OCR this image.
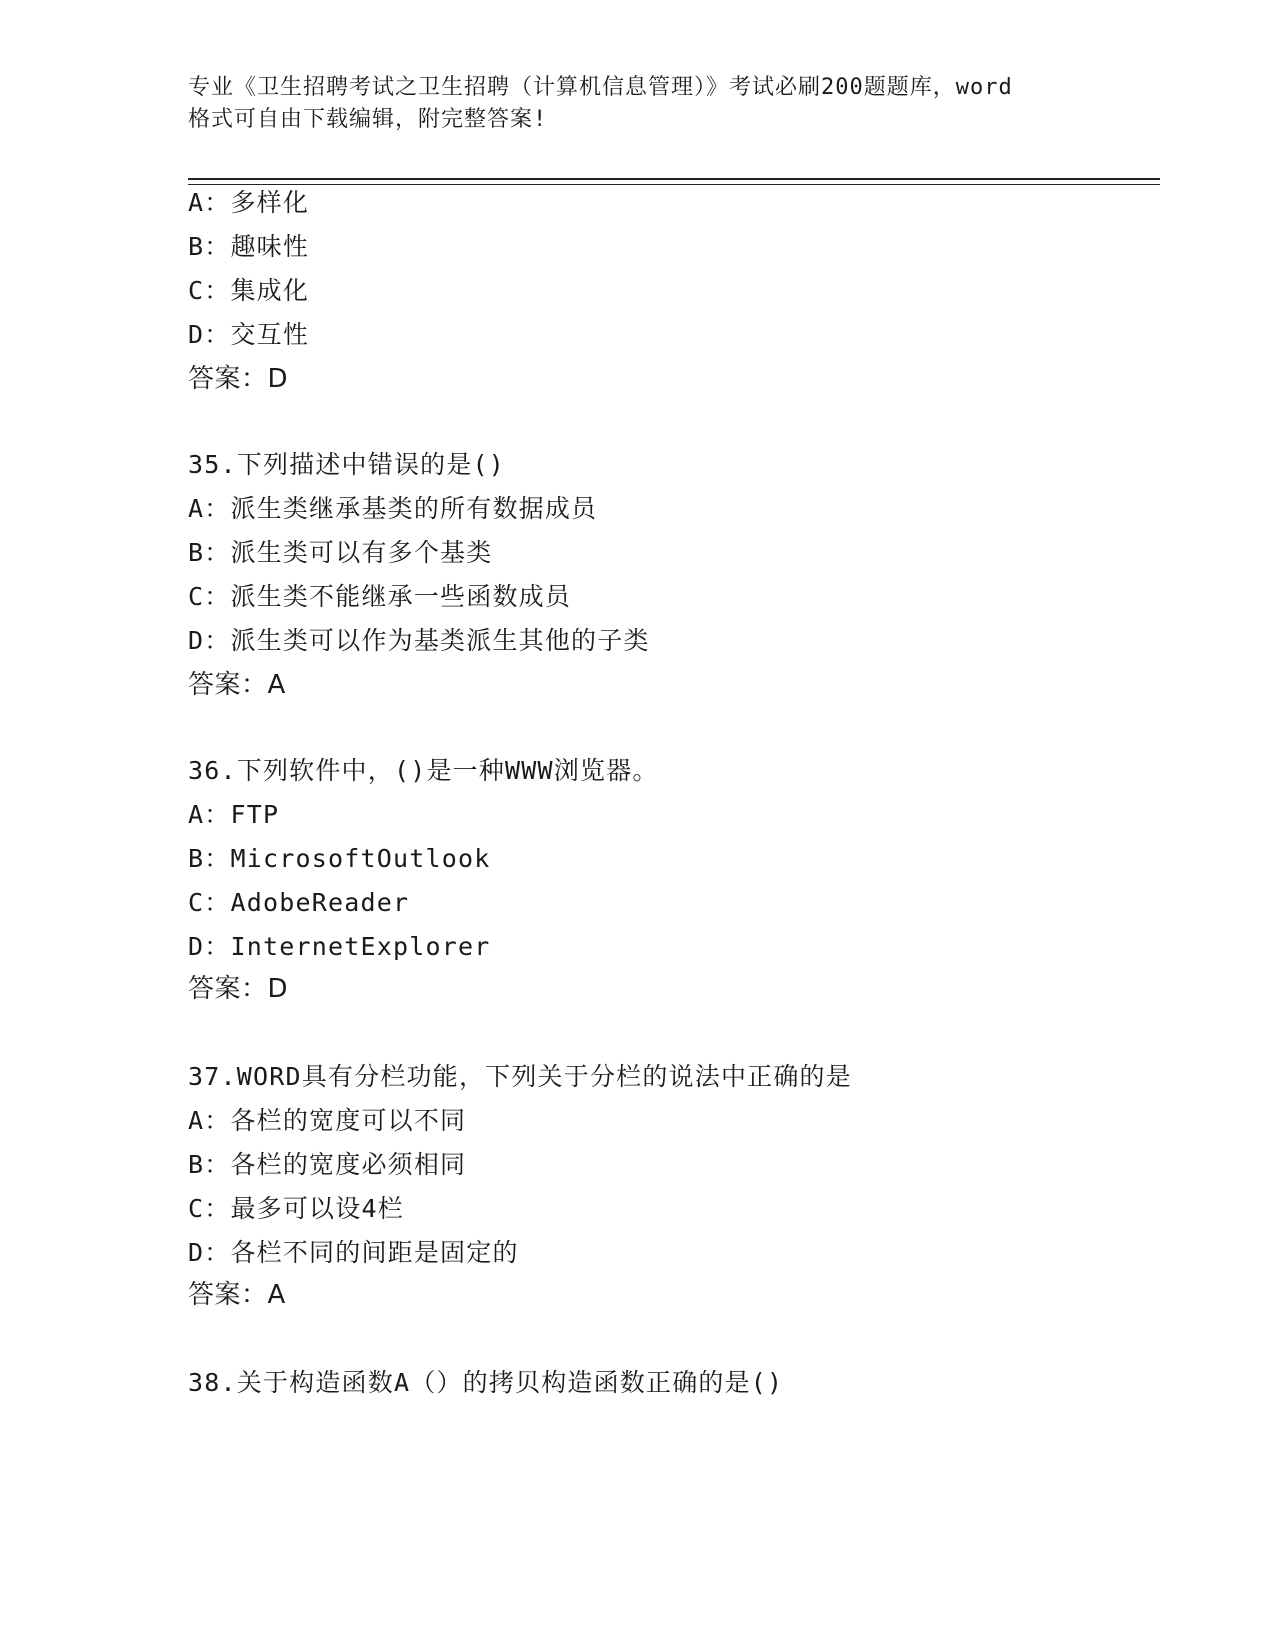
专业《卫生招聘考试之卫生招聘（计算机信息管理）》考试必刷200题题库，word
格式可自由下载编辑，附完整答案!
A：多样化
B：趣味性
C：集成化
D：交互性
答案：D
35.下列描述中错误的是()
A：派生类继承基类的所有数据成员
B：派生类可以有多个基类
C：派生类不能继承一些函数成员
D：派生类可以作为基类派生其他的子类
答案：A
36.下列软件中，()是一种WWW浏览器。
A：FTP
B：MicrosoftOutlook
C：AdobeReader
D：InternetExplorer
答案：D
37.WORD具有分栏功能，下列关于分栏的说法中正确的是
A：各栏的宽度可以不同
B：各栏的宽度必须相同
C：最多可以设4栏
D：各栏不同的间距是固定的
答案：A
38.关于构造函数A（）的拷贝构造函数正确的是()
